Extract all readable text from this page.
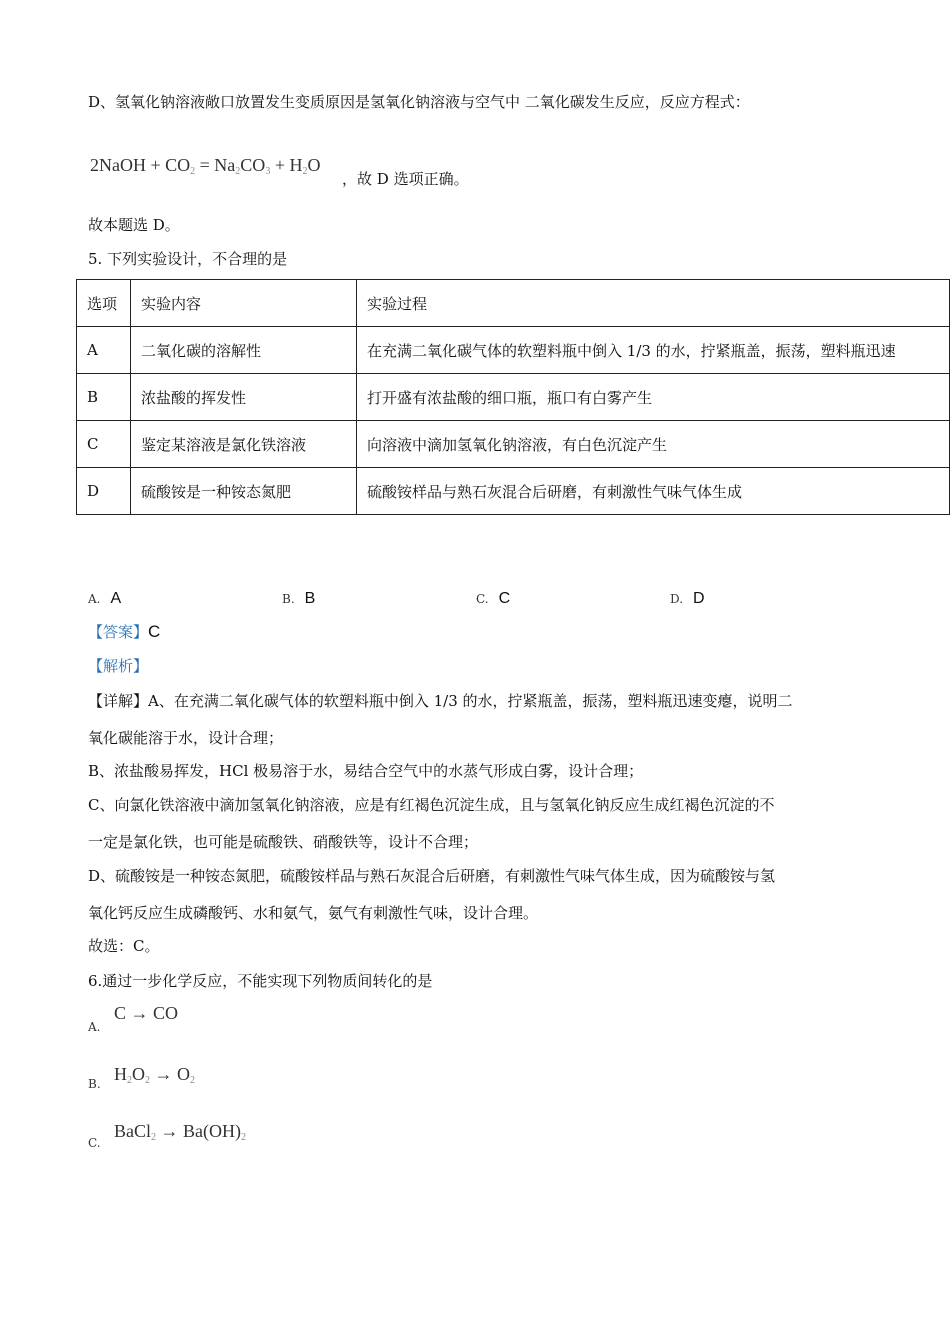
D、氢氧化钠溶液敞口放置发生变质原因是氢氧化钠溶液与空气中 二氧化碳发生反应，反应方程式：
2NaOH + $CO_2 = Na_2CO_3 + H_2O$
，故 D 选项正确。
故本题选 D。
5. 下列实验设计，不合理的是
选项	实验内容	实验过程
A	二氧化碳的溶解性	在充满二氧化碳气体的软塑料瓶中倒入 1/3 的水，拧紧瓶盖，振荡，塑料瓶迅速
B	浓盐酸的挥发性	打开盛有浓盐酸的细口瓶，瓶口有白雾产生
C	鉴定某溶液是氯化铁溶液	向溶液中滴加氢氧化钠溶液，有白色沉淀产生
D	硫酸铵是一种铵态氮肥	硫酸铵样品与熟石灰混合后研磨，有刺激性气味气体生成
A. A	B. B	C. C	D. D
【答案】C
【解析】
【详解】A、在充满二氧化碳气体的软塑料瓶中倒入 1/3 的水，拧紧瓶盖，振荡，塑料瓶迅速变瘪，说明二
氧化碳能溶于水，设计合理；
B、浓盐酸易挥发，HCl 极易溶于水，易结合空气中的水蒸气形成白雾，设计合理；
C、向氯化铁溶液中滴加氢氧化钠溶液，应是有红褐色沉淀生成，且与氢氧化钠反应生成红褐色沉淀的不
一定是氯化铁，也可能是硫酸铁、硝酸铁等，设计不合理；
D、硫酸铵是一种铵态氮肥，硫酸铵样品与熟石灰混合后研磨，有刺激性气味气体生成，因为硫酸铵与氢
氧化钙反应生成磷酸钙、水和氨气，氨气有刺激性气味，设计合理。
故选：C。
6.通过一步化学反应，不能实现下列物质间转化的是
A.
C → CO
B. $H_2O_2 \to O_2$
C.
BaCl$_2$ → $Ba(OH)_2$
